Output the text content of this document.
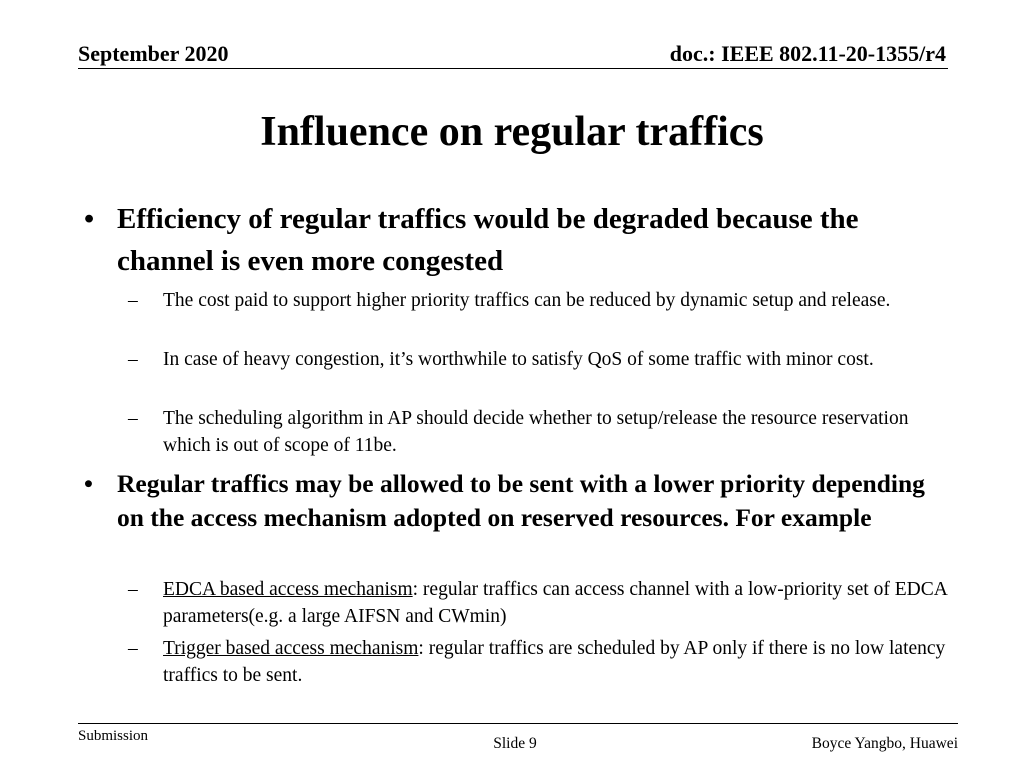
September 2020	doc.: IEEE 802.11-20-1355/r4
Influence on regular traffics
• Efficiency of regular traffics would be degraded because the channel is even more congested
– The cost paid to support higher priority traffics can be reduced by dynamic setup and release.
– In case of heavy congestion, it’s worthwhile to satisfy QoS of some traffic with minor cost.
– The scheduling algorithm in AP should decide whether to setup/release the resource reservation which is out of scope of 11be.
• Regular traffics may be allowed to be sent with a lower priority depending on the access mechanism adopted on reserved resources. For example
– EDCA based access mechanism: regular traffics can access channel with a low-priority set of EDCA parameters(e.g. a large AIFSN and CWmin)
– Trigger based access mechanism: regular traffics are scheduled by AP only if there is no low latency traffics to be sent.
Submission	Slide 9	Boyce Yangbo, Huawei
